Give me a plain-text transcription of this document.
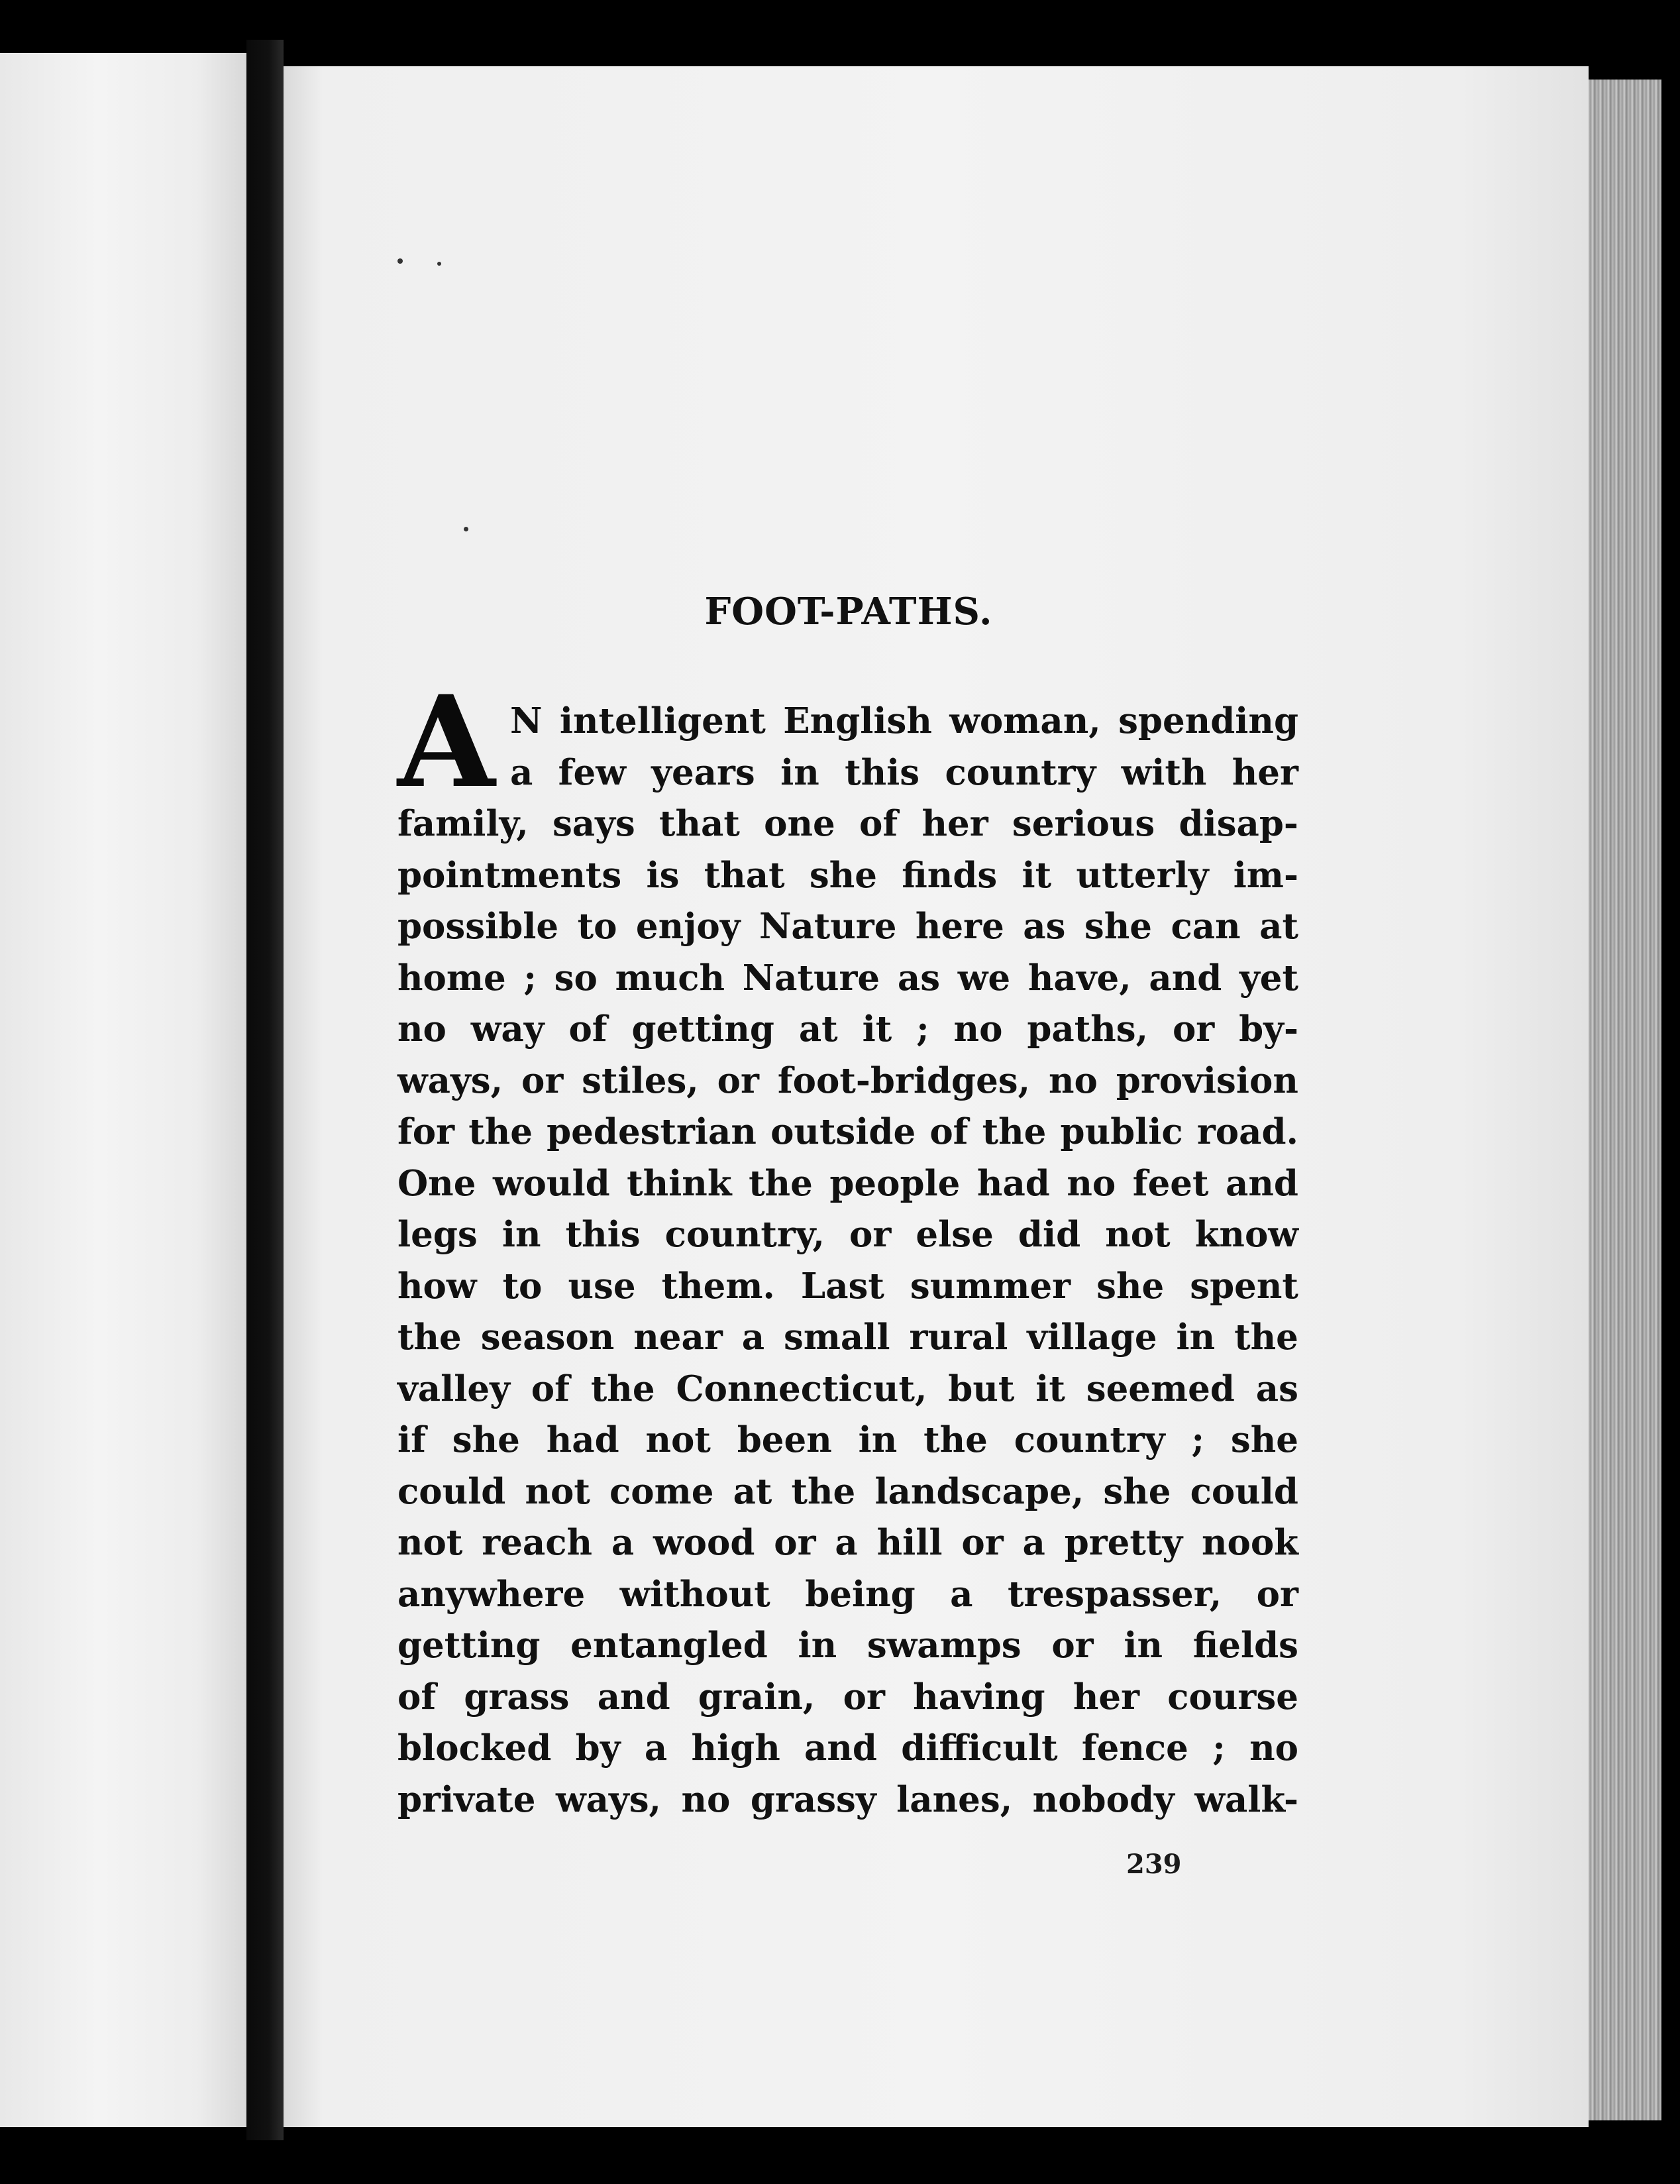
FOOT-PATHS.
A N intelligent English woman, spending
a few years in this country with her
family, says that one of her serious disap-
pointments is that she finds it utterly im-
possible to enjoy Nature here as she can at
home ; so much Nature as we have, and yet
no way of getting at it ; no paths, or by-
ways, or stiles, or foot-bridges, no provision
for the pedestrian outside of the public road.
One would think the people had no feet and
legs in this country, or else did not know
how to use them. Last summer she spent
the season near a small rural village in the
valley of the Connecticut, but it seemed as
if she had not been in the country ; she
could not come at the landscape, she could
not reach a wood or a hill or a pretty nook
anywhere without being a trespasser, or
getting entangled in swamps or in fields
of grass and grain, or having her course
blocked by a high and difficult fence ; no
private ways, no grassy lanes, nobody walk-
239
